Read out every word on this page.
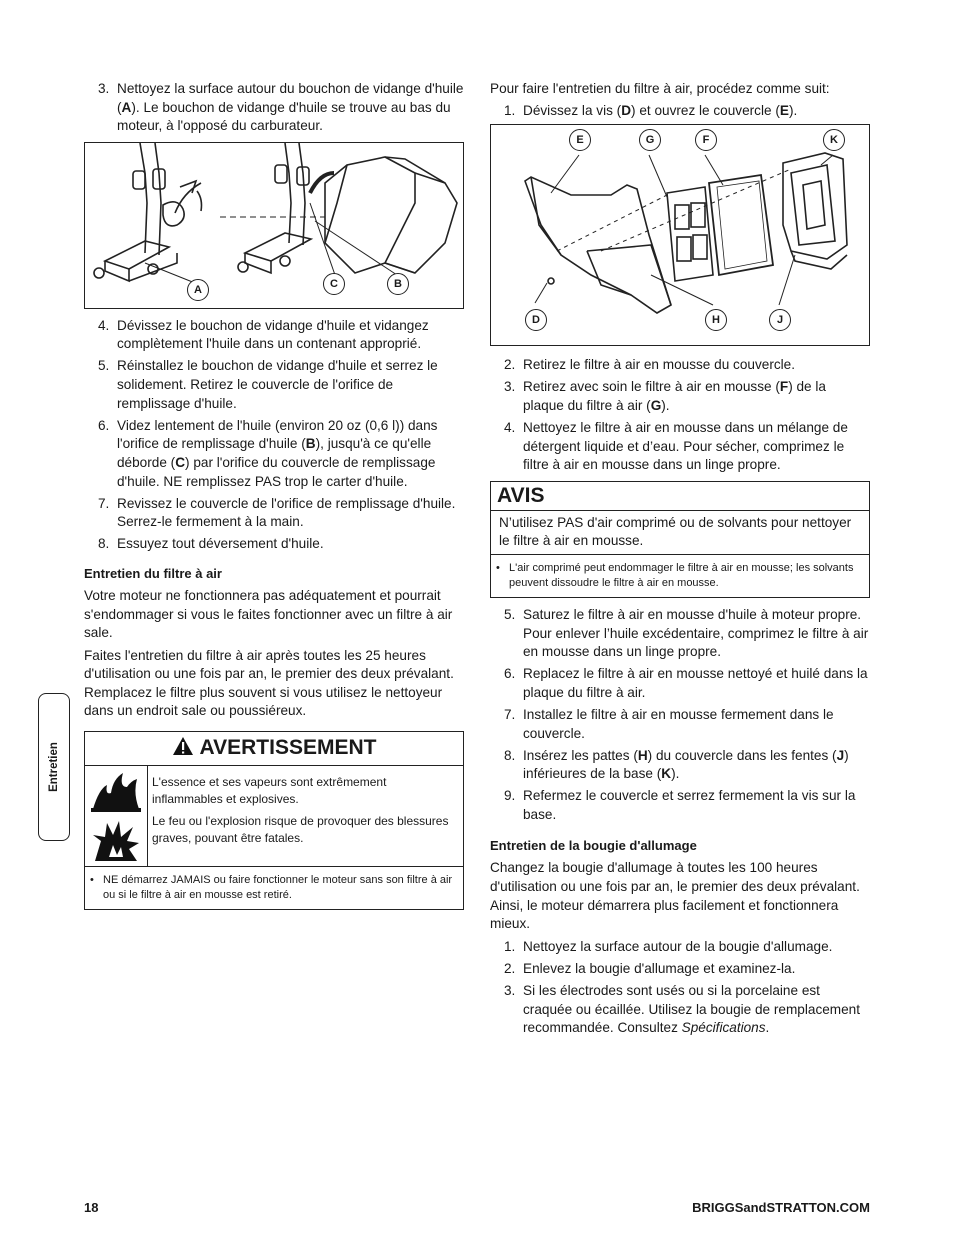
3. Nettoyez la surface autour du bouchon de vidange d'huile (A). Le bouchon de vidange d'huile se trouve au bas du moteur, à l'opposé du carburateur.
A	C	B
4. Dévissez le bouchon de vidange d'huile et vidangez complètement l'huile dans un contenant approprié.
5. Réinstallez le bouchon de vidange d'huile et serrez le solidement. Retirez le couvercle de l'orifice de remplissage d'huile.
6. Videz lentement de l'huile (environ 20 oz (0,6 l)) dans l'orifice de remplissage d'huile (B), jusqu'à ce qu'elle déborde (C) par l'orifice du couvercle de remplissage d'huile. NE remplissez PAS trop le carter d'huile.
7. Revissez le couvercle de l'orifice de remplissage d'huile. Serrez-le fermement à la main.
8. Essuyez tout déversement d'huile.
Entretien du filtre à air

Votre moteur ne fonctionnera pas adéquatement et pourrait s'endommager si vous le faites fonctionner avec un filtre à air sale.

Faites l'entretien du filtre à air après toutes les 25 heures d'utilisation ou une fois par an, le premier des deux prévalant. Remplacez le filtre plus souvent si vous utilisez le nettoyeur dans un endroit sale ou poussiéreux.

AVERTISSEMENT

L'essence et ses vapeurs sont extrêmement inflammables et explosives.

Le feu ou l'explosion risque de provoquer des blessures graves, pouvant être fatales.

• NE démarrez JAMAIS ou faire fonctionner le moteur sans son filtre à air ou si le filtre à air en mousse est retiré.

Pour faire l'entretien du filtre à air, procédez comme suit:

1. Dévissez la vis (D) et ouvrez le couvercle (E).
E	G	F	K
D	H	J
2. Retirez le filtre à air en mousse du couvercle.
3. Retirez avec soin le filtre à air en mousse (F) de la plaque du filtre à air (G).
4. Nettoyez le filtre à air en mousse dans un mélange de détergent liquide et d’eau. Pour sécher, comprimez le filtre à air en mousse dans un linge propre.
AVIS
N’utilisez PAS d'air comprimé ou de solvants pour nettoyer le filtre à air en mousse.
• L'air comprimé peut endommager le filtre à air en mousse; les solvants peuvent dissoudre le filtre à air en mousse.
5. Saturez le filtre à air en mousse d'huile à moteur propre. Pour enlever l’huile excédentaire, comprimez le filtre à air en mousse dans un linge propre.
6. Replacez le filtre à air en mousse nettoyé et huilé dans la plaque du filtre à air.
7. Installez le filtre à air en mousse fermement dans le couvercle.
8. Insérez les pattes (H) du couvercle dans les fentes (J) inférieures de la base (K).
9. Refermez le couvercle et serrez fermement la vis sur la base.
Entretien de la bougie d'allumage

Changez la bougie d'allumage à toutes les 100 heures d'utilisation ou une fois par an, le premier des deux prévalant. Ainsi, le moteur démarrera plus facilement et fonctionnera mieux.

1. Nettoyez la surface autour de la bougie d'allumage.
2. Enlevez la bougie d'allumage et examinez-la.
3. Si les électrodes sont usés ou si la porcelaine est craquée ou écaillée. Utilisez la bougie de remplacement recommandée. Consultez Spécifications.
Entretien
18	BRIGGSandSTRATTON.COM
